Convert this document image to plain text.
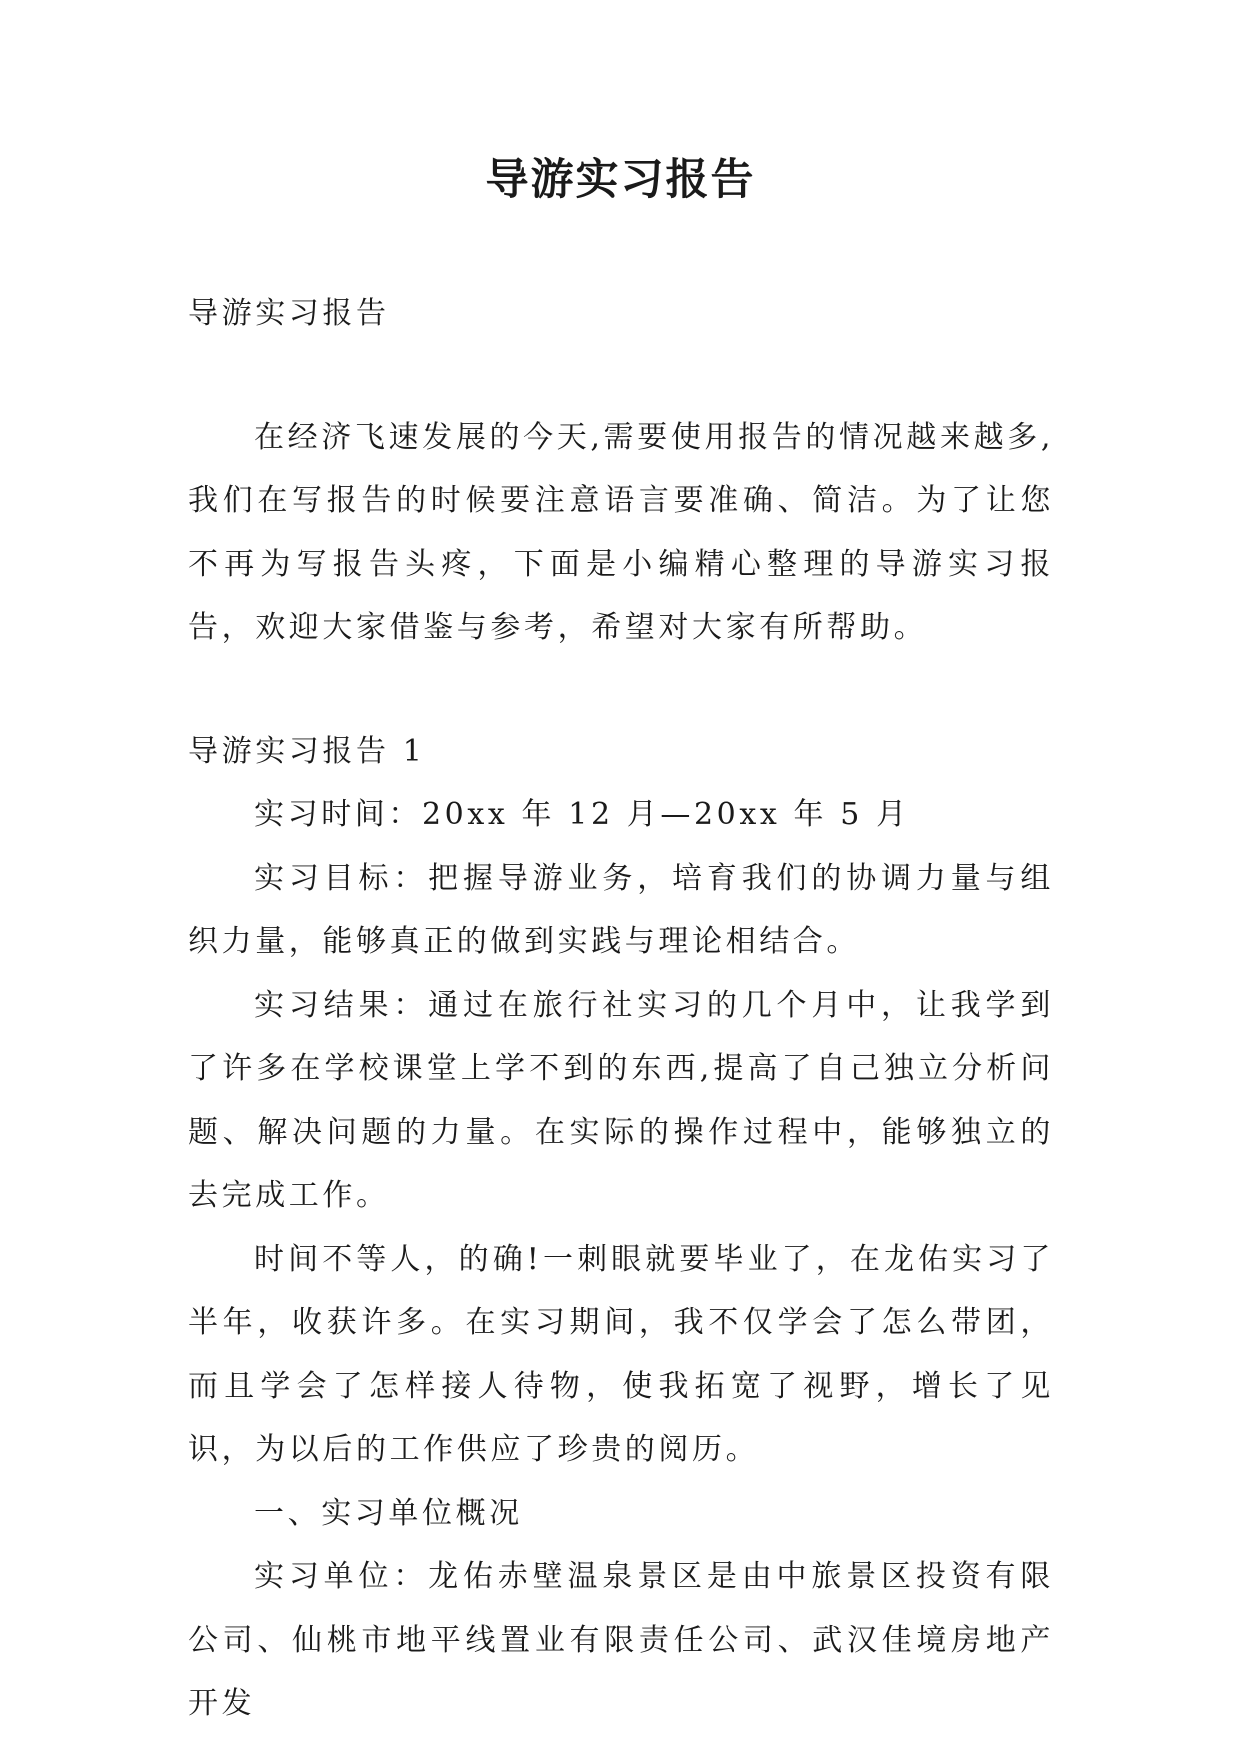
导游实习报告

导游实习报告

在经济飞速发展的今天,需要使用报告的情况越来越多,我们在写报告的时候要注意语言要准确、简洁。为了让您不再为写报告头疼，下面是小编精心整理的导游实习报告，欢迎大家借鉴与参考，希望对大家有所帮助。

导游实习报告 1

实习时间：20xx 年 12 月—20xx 年 5 月

实习目标：把握导游业务，培育我们的协调力量与组织力量，能够真正的做到实践与理论相结合。

实习结果：通过在旅行社实习的几个月中，让我学到了许多在学校课堂上学不到的东西,提高了自己独立分析问题、解决问题的力量。在实际的操作过程中，能够独立的去完成工作。

时间不等人，的确!一刺眼就要毕业了，在龙佑实习了半年，收获许多。在实习期间，我不仅学会了怎么带团，而且学会了怎样接人待物，使我拓宽了视野，增长了见识，为以后的工作供应了珍贵的阅历。

一、实习单位概况

实习单位：龙佑赤壁温泉景区是由中旅景区投资有限公司、仙桃市地平线置业有限责任公司、武汉佳境房地产开发
